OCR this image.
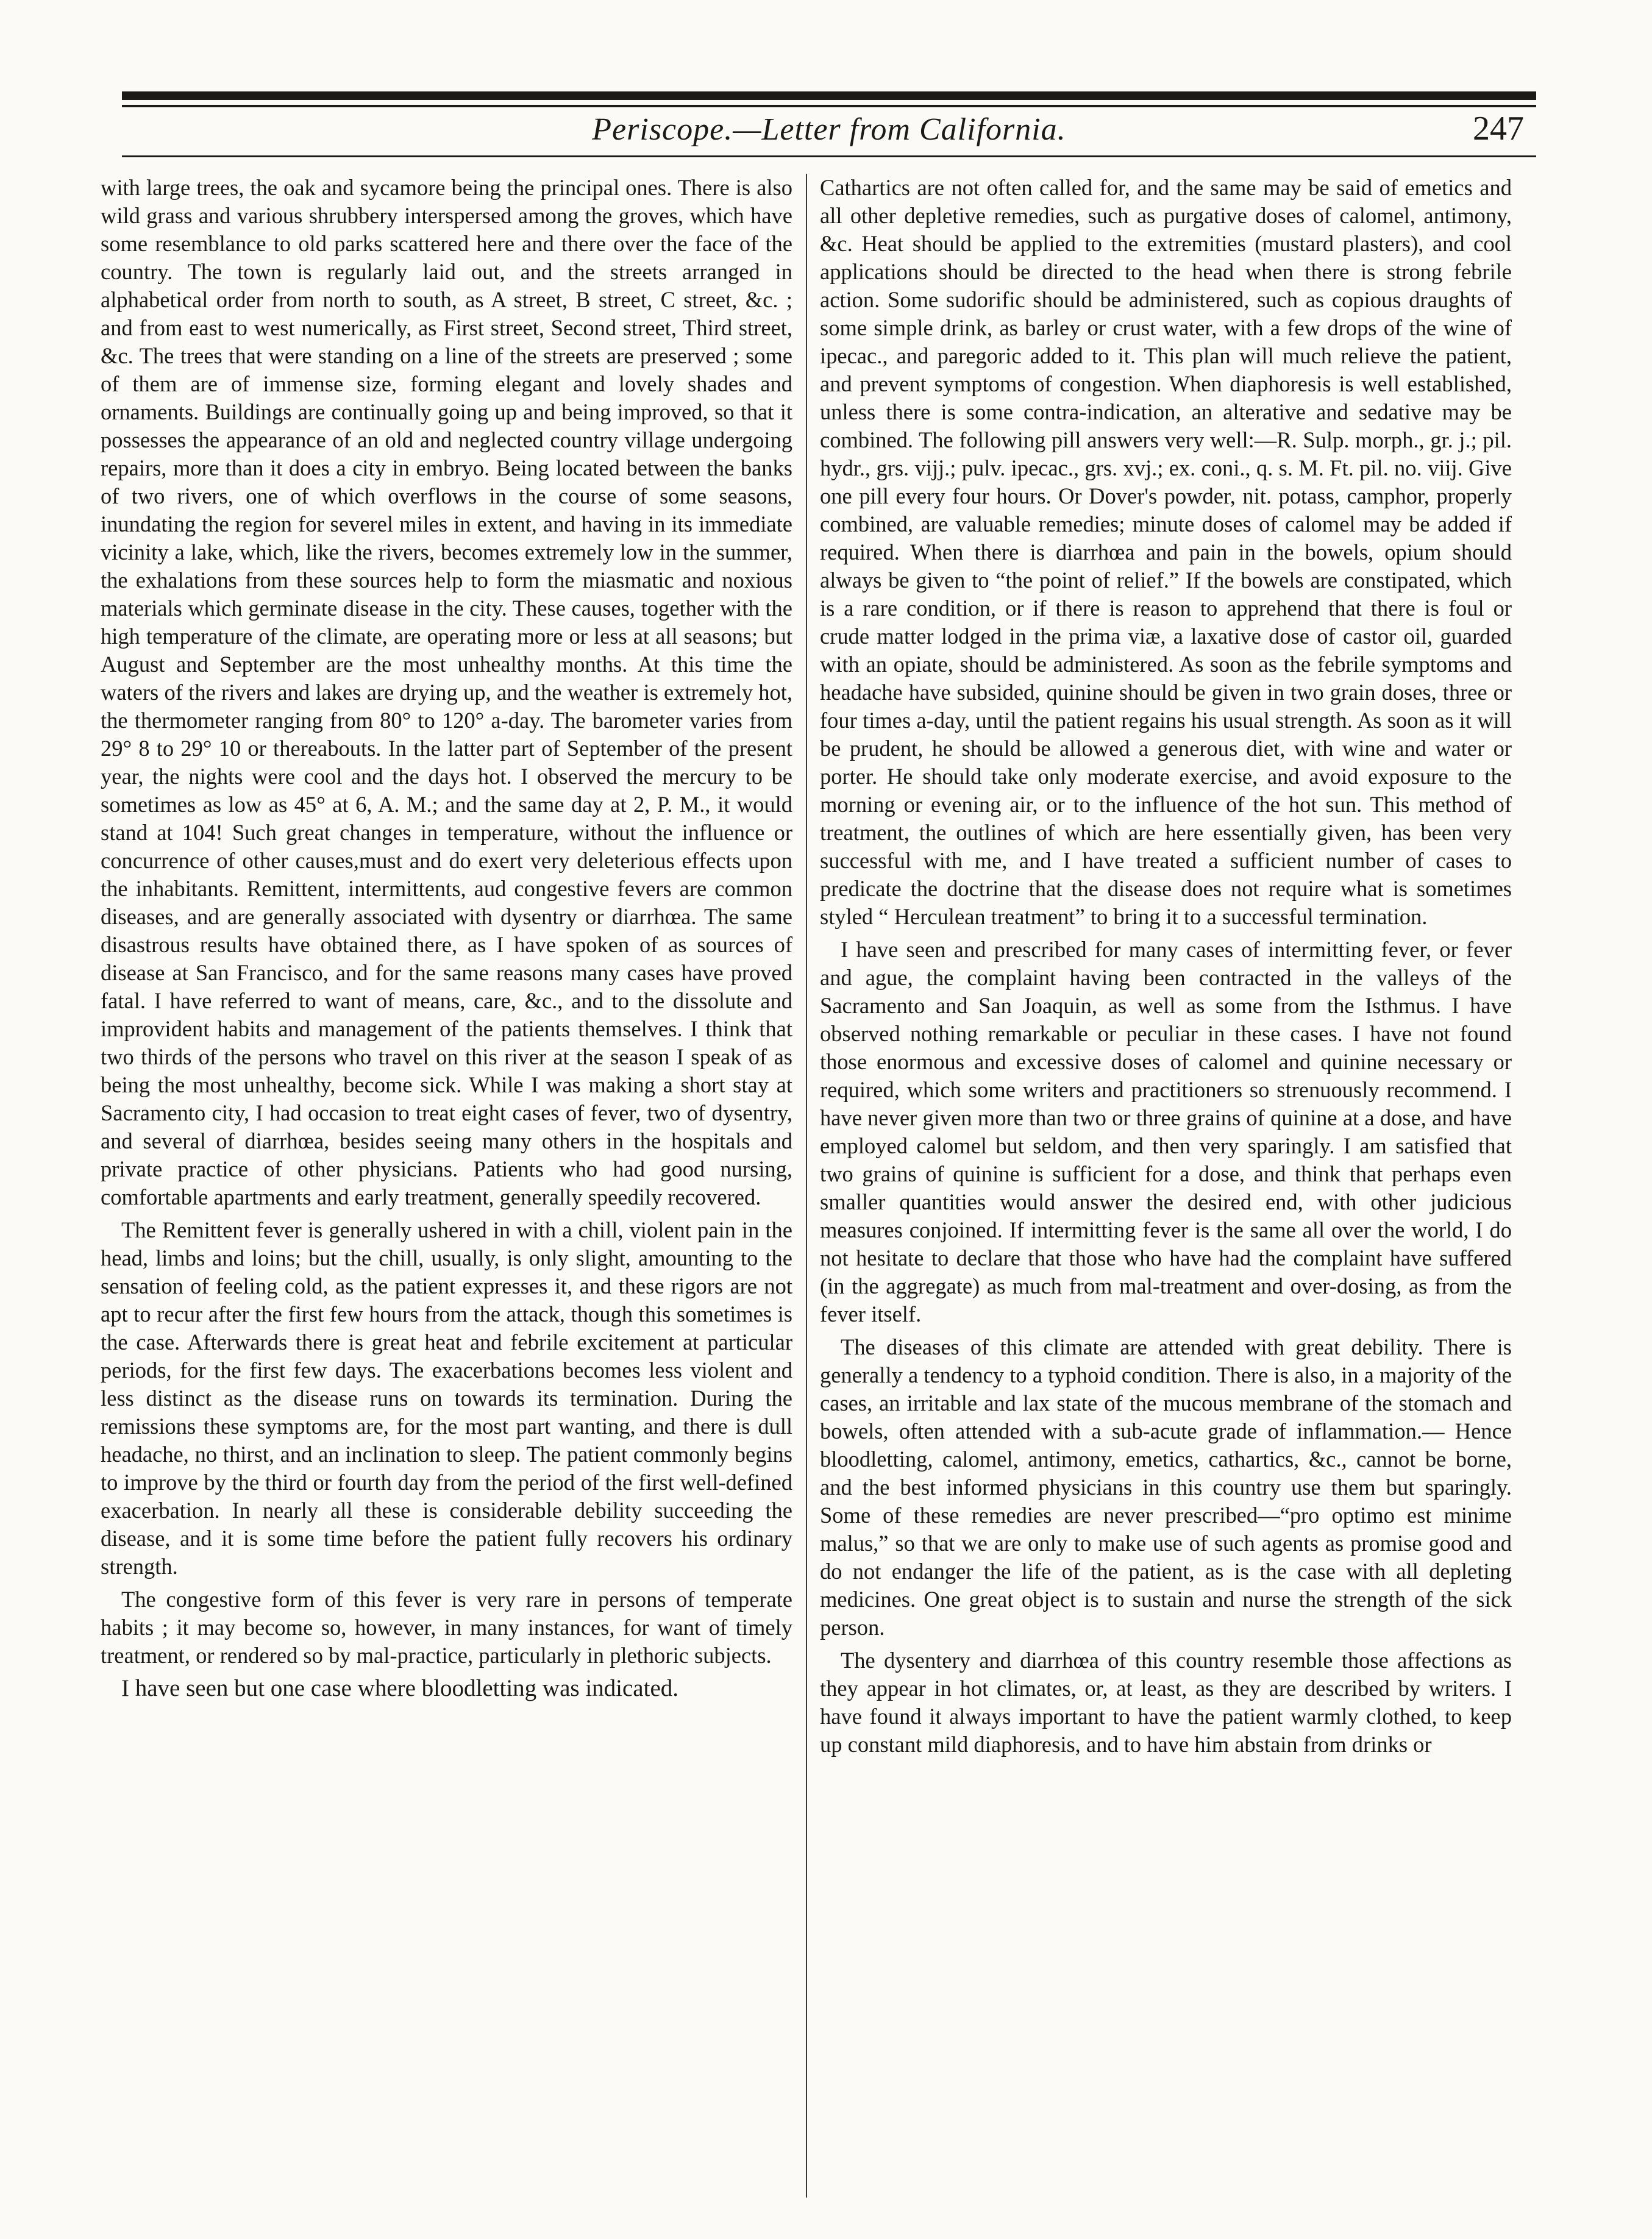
Periscope.—Letter from California.	247

with large trees, the oak and sycamore being the principal ones. There is also wild grass and various shrubbery interspersed among the groves, which have some resemblance to old parks scattered here and there over the face of the country. The town is regularly laid out, and the streets arranged in alphabetical order from north to south, as A street, B street, C street, &c. ; and from east to west numerically, as First street, Second street, Third street, &c. The trees that were standing on a line of the streets are preserved ; some of them are of immense size, forming elegant and lovely shades and ornaments. Buildings are continually going up and being improved, so that it possesses the appearance of an old and neglected country village undergoing repairs, more than it does a city in embryo. Being located between the banks of two rivers, one of which overflows in the course of some seasons, inundating the region for severel miles in extent, and having in its immediate vicinity a lake, which, like the rivers, becomes extremely low in the summer, the exhalations from these sources help to form the miasmatic and noxious materials which germinate disease in the city. These causes, together with the high temperature of the climate, are operating more or less at all seasons; but August and September are the most unhealthy months. At this time the waters of the rivers and lakes are drying up, and the weather is extremely hot, the thermometer ranging from 80° to 120° a-day. The barometer varies from 29° 8 to 29° 10 or thereabouts. In the latter part of September of the present year, the nights were cool and the days hot. I observed the mercury to be sometimes as low as 45° at 6, A. M.; and the same day at 2, P. M., it would stand at 104! Such great changes in temperature, without the influence or concurrence of other causes,must and do exert very deleterious effects upon the inhabitants. Remittent, intermittents, aud congestive fevers are common diseases, and are generally associated with dysentry or diarrhœa. The same disastrous results have obtained there, as I have spoken of as sources of disease at San Francisco, and for the same reasons many cases have proved fatal. I have referred to want of means, care, &c., and to the dissolute and improvident habits and management of the patients themselves. I think that two thirds of the persons who travel on this river at the season I speak of as being the most unhealthy, become sick. While I was making a short stay at Sacramento city, I had occasion to treat eight cases of fever, two of dysentry, and several of diarrhœa, besides seeing many others in the hospitals and private practice of other physicians. Patients who had good nursing, comfortable apartments and early treatment, generally speedily recovered.

The Remittent fever is generally ushered in with a chill, violent pain in the head, limbs and loins; but the chill, usually, is only slight, amounting to the sensation of feeling cold, as the patient expresses it, and these rigors are not apt to recur after the first few hours from the attack, though this sometimes is the case. Afterwards there is great heat and febrile excitement at particular periods, for the first few days. The exacerbations becomes less violent and less distinct as the disease runs on towards its termination. During the remissions these symptoms are, for the most part wanting, and there is dull headache, no thirst, and an inclination to sleep. The patient commonly begins to improve by the third or fourth day from the period of the first well-defined exacerbation. In nearly all these is considerable debility succeeding the disease, and it is some time before the patient fully recovers his ordinary strength.

The congestive form of this fever is very rare in persons of temperate habits ; it may become so, however, in many instances, for want of timely treatment, or rendered so by mal-practice, particularly in plethoric subjects.

I have seen but one case where bloodletting was indicated.

Cathartics are not often called for, and the same may be said of emetics and all other depletive remedies, such as purgative doses of calomel, antimony, &c. Heat should be applied to the extremities (mustard plasters), and cool applications should be directed to the head when there is strong febrile action. Some sudorific should be administered, such as copious draughts of some simple drink, as barley or crust water, with a few drops of the wine of ipecac., and paregoric added to it. This plan will much relieve the patient, and prevent symptoms of congestion. When diaphoresis is well established, unless there is some contra-indication, an alterative and sedative may be combined. The following pill answers very well:—R. Sulp. morph., gr. j.; pil. hydr., grs. vijj.; pulv. ipecac., grs. xvj.; ex. coni., q. s. M. Ft. pil. no. viij. Give one pill every four hours. Or Dover's powder, nit. potass, camphor, properly combined, are valuable remedies; minute doses of calomel may be added if required. When there is diarrhœa and pain in the bowels, opium should always be given to “the point of relief.” If the bowels are constipated, which is a rare condition, or if there is reason to apprehend that there is foul or crude matter lodged in the prima viæ, a laxative dose of castor oil, guarded with an opiate, should be administered. As soon as the febrile symptoms and headache have subsided, quinine should be given in two grain doses, three or four times a-day, until the patient regains his usual strength. As soon as it will be prudent, he should be allowed a generous diet, with wine and water or porter. He should take only moderate exercise, and avoid exposure to the morning or evening air, or to the influence of the hot sun. This method of treatment, the outlines of which are here essentially given, has been very successful with me, and I have treated a sufficient number of cases to predicate the doctrine that the disease does not require what is sometimes styled “ Herculean treatment” to bring it to a successful termination.

I have seen and prescribed for many cases of intermitting fever, or fever and ague, the complaint having been contracted in the valleys of the Sacramento and San Joaquin, as well as some from the Isthmus. I have observed nothing remarkable or peculiar in these cases. I have not found those enormous and excessive doses of calomel and quinine necessary or required, which some writers and practitioners so strenuously recommend. I have never given more than two or three grains of quinine at a dose, and have employed calomel but seldom, and then very sparingly. I am satisfied that two grains of quinine is sufficient for a dose, and think that perhaps even smaller quantities would answer the desired end, with other judicious measures conjoined. If intermitting fever is the same all over the world, I do not hesitate to declare that those who have had the complaint have suffered (in the aggregate) as much from mal-treatment and over-dosing, as from the fever itself.

The diseases of this climate are attended with great debility. There is generally a tendency to a typhoid condition. There is also, in a majority of the cases, an irritable and lax state of the mucous membrane of the stomach and bowels, often attended with a sub-acute grade of inflammation.— Hence bloodletting, calomel, antimony, emetics, cathartics, &c., cannot be borne, and the best informed physicians in this country use them but sparingly. Some of these remedies are never prescribed—“pro optimo est minime malus,” so that we are only to make use of such agents as promise good and do not endanger the life of the patient, as is the case with all depleting medicines. One great object is to sustain and nurse the strength of the sick person.

The dysentery and diarrhœa of this country resemble those affections as they appear in hot climates, or, at least, as they are described by writers. I have found it always important to have the patient warmly clothed, to keep up constant mild diaphoresis, and to have him abstain from drinks or
